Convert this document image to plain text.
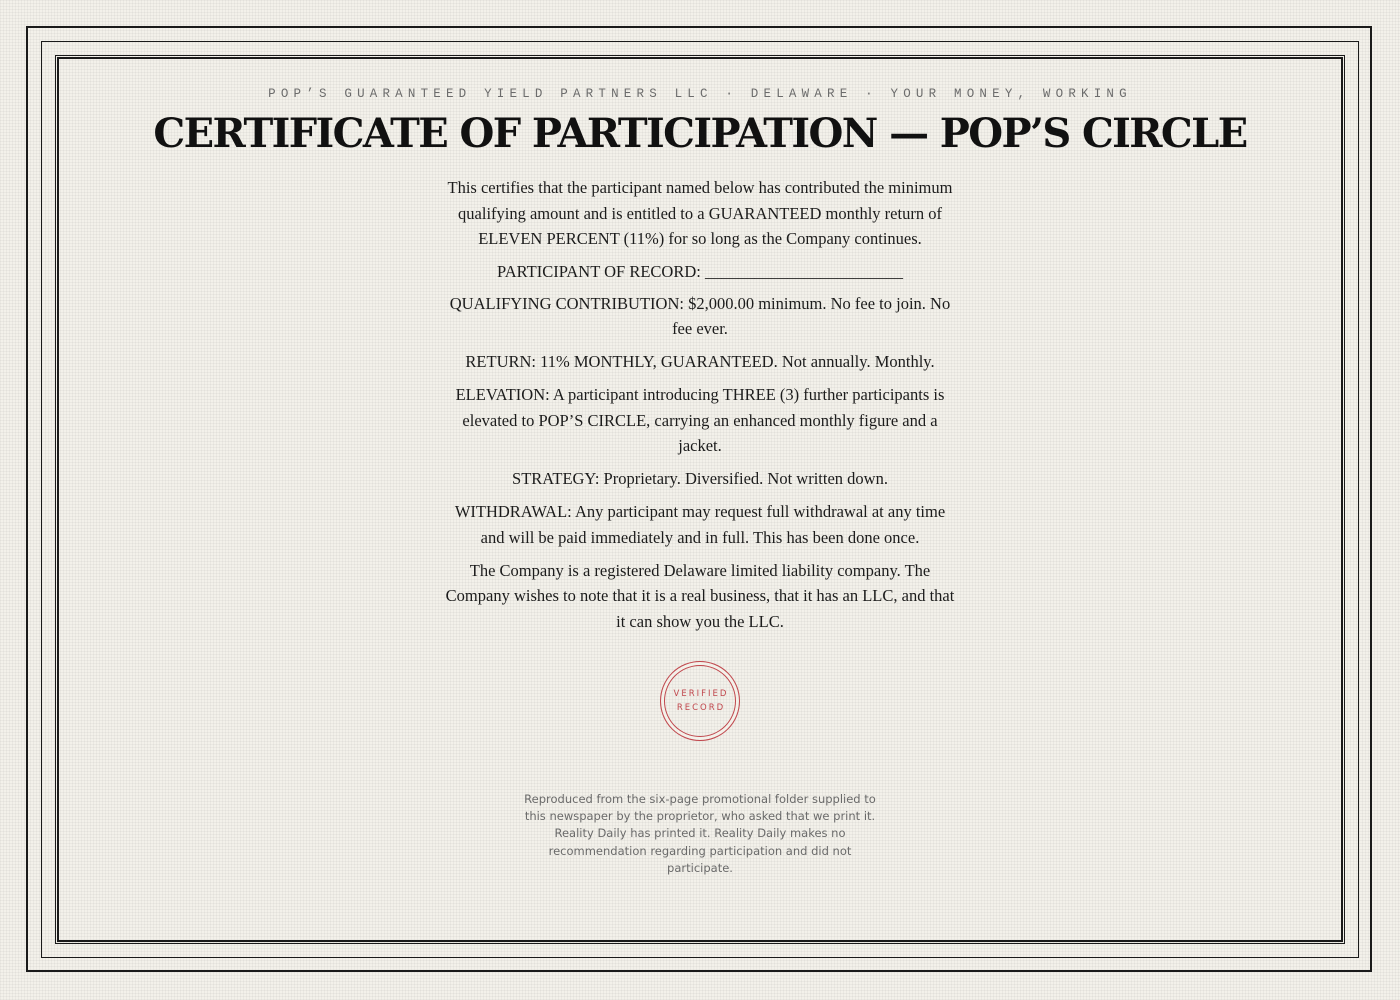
POP’S GUARANTEED YIELD PARTNERS LLC · DELAWARE · YOUR MONEY, WORKING
CERTIFICATE OF PARTICIPATION — POP’S CIRCLE

This certifies that the participant named below has contributed the minimum qualifying amount and is entitled to a GUARANTEED monthly return of ELEVEN PERCENT (11%) for so long as the Company continues.

PARTICIPANT OF RECORD: ________________________

QUALIFYING CONTRIBUTION: $2,000.00 minimum. No fee to join. No fee ever.

RETURN: 11% MONTHLY, GUARANTEED. Not annually. Monthly.

ELEVATION: A participant introducing THREE (3) further participants is elevated to POP’S CIRCLE, carrying an enhanced monthly figure and a jacket.

STRATEGY: Proprietary. Diversified. Not written down.

WITHDRAWAL: Any participant may request full withdrawal at any time and will be paid immediately and in full. This has been done once.

The Company is a registered Delaware limited liability company. The Company wishes to note that it is a real business, that it has an LLC, and that it can show you the LLC.

VERIFIED
RECORD
Reproduced from the six-page promotional folder supplied to this newspaper by the proprietor, who asked that we print it. Reality Daily has printed it. Reality Daily makes no recommendation regarding participation and did not participate.
